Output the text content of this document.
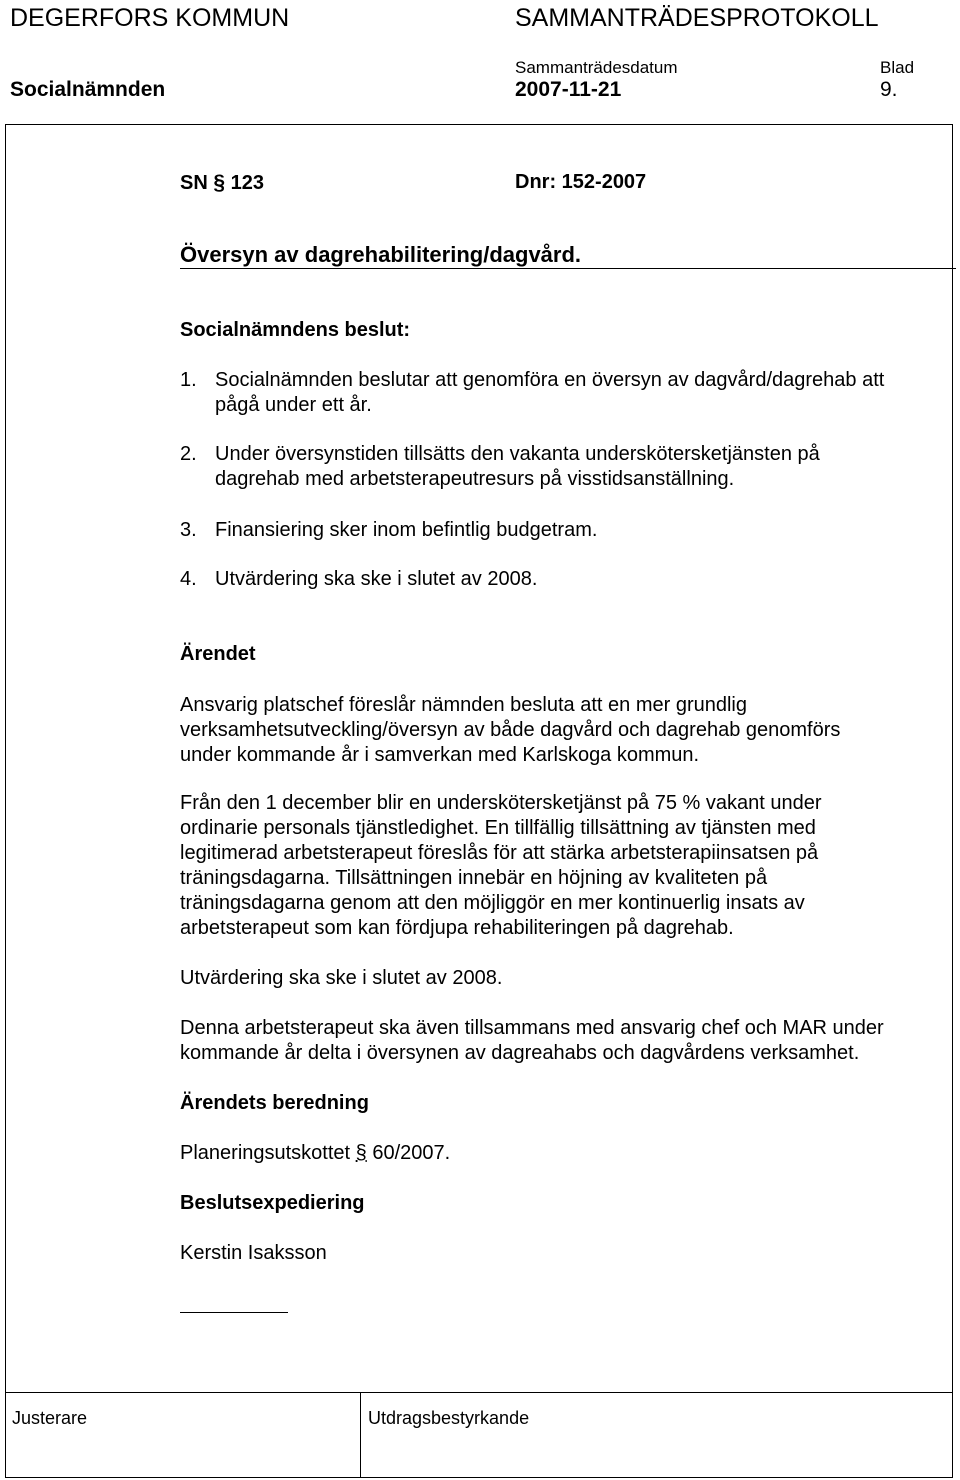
DEGERFORS KOMMUN	SAMMANTRÄDESPROTOKOLL
Sammanträdesdatum	Blad
Socialnämnden	2007-11-21	9.
SN § 123	Dnr: 152-2007
Översyn av dagrehabilitering/dagvård.
Socialnämndens beslut:
1. Socialnämnden beslutar att genomföra en översyn av dagvård/dagrehab att
pågå under ett år.
2. Under översynstiden tillsätts den vakanta underskötersketjänsten på
dagrehab med arbetsterapeutresurs på visstidsanställning.
3. Finansiering sker inom befintlig budgetram.
4. Utvärdering ska ske i slutet av 2008.
Ärendet
Ansvarig platschef föreslår nämnden besluta att en mer grundlig
verksamhetsutveckling/översyn av både dagvård och dagrehab genomförs
under kommande år i samverkan med Karlskoga kommun.
Från den 1 december blir en underskötersketjänst på 75 % vakant under
ordinarie personals tjänstledighet. En tillfällig tillsättning av tjänsten med
legitimerad arbetsterapeut föreslås för att stärka arbetsterapiinsatsen på
träningsdagarna. Tillsättningen innebär en höjning av kvaliteten på
träningsdagarna genom att den möjliggör en mer kontinuerlig insats av
arbetsterapeut som kan fördjupa rehabiliteringen på dagrehab.
Utvärdering ska ske i slutet av 2008.
Denna arbetsterapeut ska även tillsammans med ansvarig chef och MAR under
kommande år delta i översynen av dagreahabs och dagvårdens verksamhet.
Ärendets beredning
Planeringsutskottet § 60/2007.
Beslutsexpediering
Kerstin Isaksson
Justerare	Utdragsbestyrkande
